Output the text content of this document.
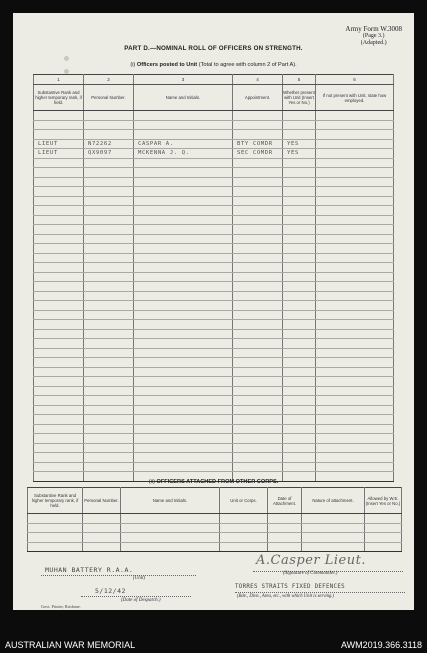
Army Form W.3008
(Page 3.)
(Adapted.)
PART D.—NOMINAL ROLL OF OFFICERS ON STRENGTH.
(i) Officers posted to Unit (Total to agree with column 2 of Part A).
1	2	3	4	5	6
Substantive Rank and higher temporary rank, if held.	Personal Number.	Name and Initials.	Appointment.	Whether present with Unit (Insert Yes or No.)	If not present with Unit, state how employed.

LIEUT	N72262	CASPAR A.	BTY COMDR	YES	
LIEUT	QX9097	MCKENNA J. Q.	SEC COMDR	YES	

(ii) OFFICERS ATTACHED FROM OTHER CORPS.
Substantive Rank and higher temporary rank, if held.	Personal Number.	Name and Initials.	Unit or Corps.	Date of Attachment.	Nature of attachment.	Allowed by W.E. (Insert Yes or No.)

MUHAN BATTERY R.A.A.
(Unit)
5/12/42
(Date of Despatch.)
A.Casper Lieut.
(Signature of Commander.)
TORRES STRAITS FIXED DEFENCES
(Bde., Divn., Area, etc., with which Unit is serving.)
Govt. Printer, Brisbane.
AUSTRALIAN WAR MEMORIAL	AWM2019.366.3118
